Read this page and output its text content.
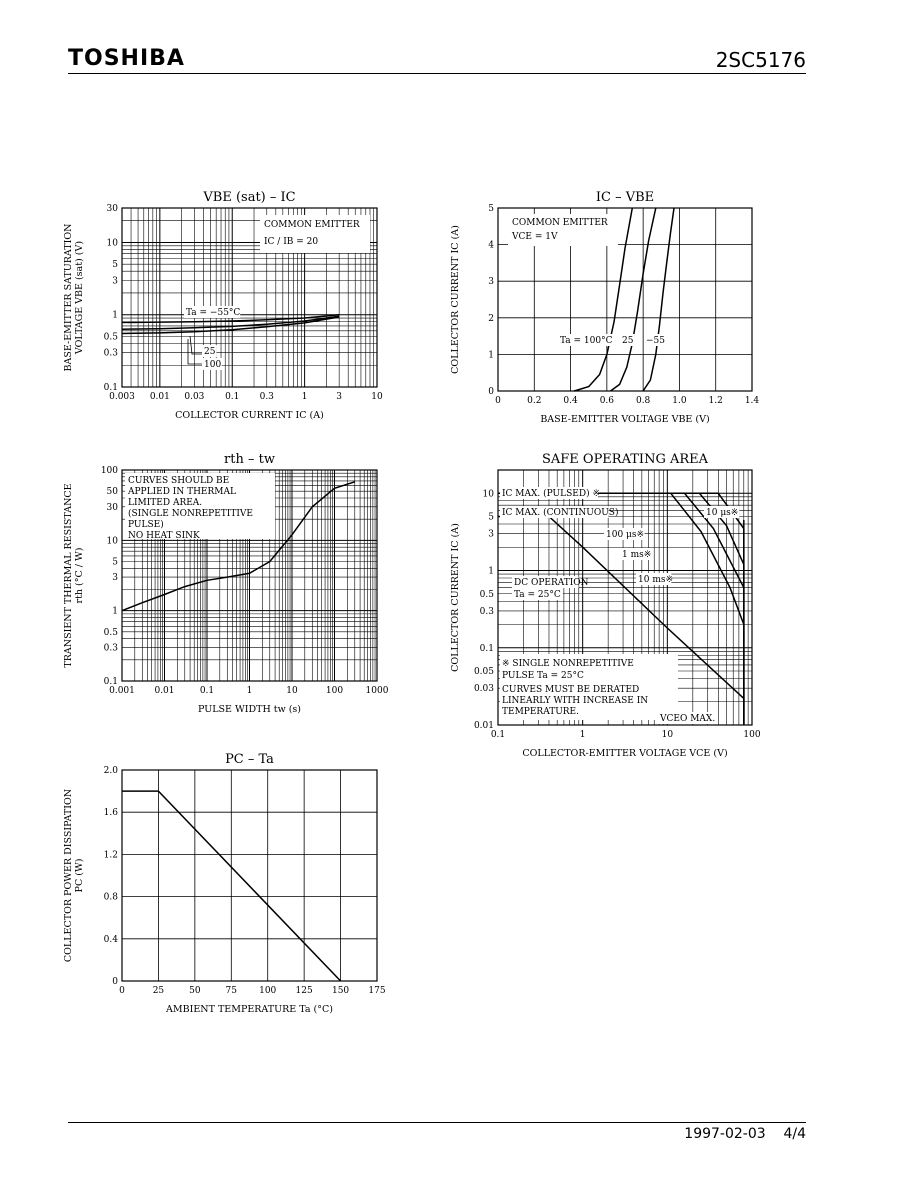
TOSHIBA	2SC5176
VBE (sat) – IC
0.003 0.01 0.03 0.1 0.3	1	3	10
0.1
0.3
0.5
1
3
5
10
30
COLLECTOR CURRENT IC (A)
BASE-EMITTER SATURATION VOLTAGE VBE (sat) (V)
COMMON EMITTER
IC / IB = 20
Ta = −55°C
25
100
IC – VBE
0	0.2 0.4 0.6 0.8 1.0 1.2 1.4
0
1
2
3
4
5
BASE-EMITTER VOLTAGE VBE (V)
COLLECTOR CURRENT IC (A)
COMMON EMITTER
VCE = 1V
Ta = 100°C 25 −55
rth – tw
0.001 0.01	0.1	1	10	100 1000
0.1
0.3
0.5
1
3
5
10
30
50
100
PULSE WIDTH tw (s)
TRANSIENT THERMAL RESISTANCE rth (°C / W)
CURVES SHOULD BE
APPLIED IN THERMAL
LIMITED AREA.
(SINGLE NONREPETITIVE
PULSE)
NO HEAT SINK
SAFE OPERATING AREA
0.1	1	10	100
0.01
0.03
0.05
0.1
0.3
0.5
1
3
5
10
COLLECTOR-EMITTER VOLTAGE VCE (V)
COLLECTOR CURRENT IC (A)
IC MAX. (PULSED) ※
IC MAX. (CONTINUOUS)	10 μs※
100 μs※
1 ms※
10 ms※
DC OPERATION
Ta = 25°C
※ SINGLE NONREPETITIVE
PULSE Ta = 25°C
CURVES MUST BE DERATED
LINEARLY WITH INCREASE IN
TEMPERATURE.
VCEO MAX.
PC – Ta
0	25	50	75 100 125 150 175
0
0.4
0.8
1.2
1.6
2.0
AMBIENT TEMPERATURE Ta (°C)
COLLECTOR POWER DISSIPATION PC (W)
1997-02-03 4/4
